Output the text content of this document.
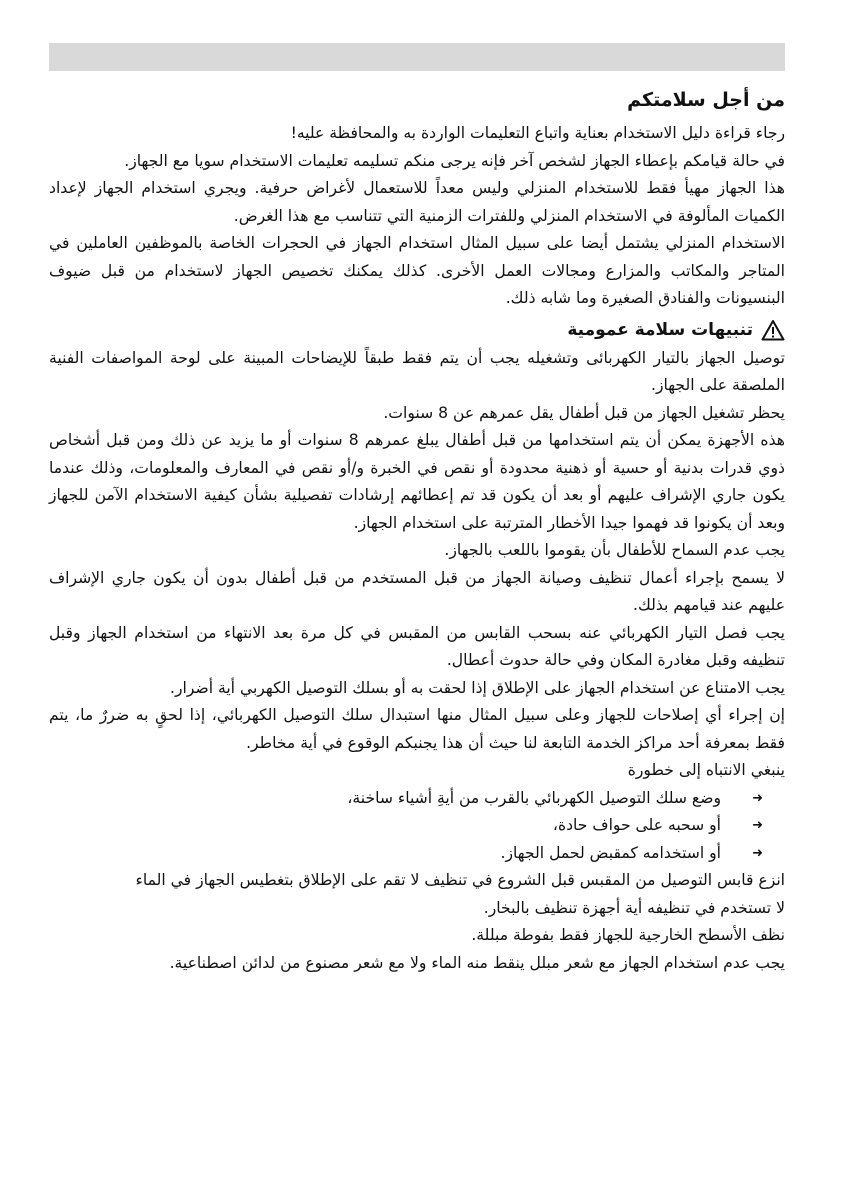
من أجل سلامتكم

رجاء قراءة دليل الاستخدام بعناية واتباع التعليمات الواردة به والمحافظة عليه!

في حالة قيامكم بإعطاء الجهاز لشخص آخر فإنه يرجى منكم تسليمه تعليمات الاستخدام سويا مع الجهاز.

هذا الجهاز مهيأ فقط للاستخدام المنزلي وليس معداً للاستعمال لأغراض حرفية. ويجري استخدام الجهاز لإعداد الكميات المألوفة في الاستخدام المنزلي وللفترات الزمنية التي تتناسب مع هذا الغرض.

الاستخدام المنزلي يشتمل أيضا على سبيل المثال استخدام الجهاز في الحجرات الخاصة بالموظفين العاملين في المتاجر والمكاتب والمزارع ومجالات العمل الأخرى. كذلك يمكنك تخصيص الجهاز لاستخدام من قبل ضيوف البنسيونات والفنادق الصغيرة وما شابه ذلك.

تنبيهات سلامة عمومية

توصيل الجهاز بالتيار الكهربائى وتشغيله يجب أن يتم فقط طبقاً للإيضاحات المبينة على لوحة المواصفات الفنية الملصقة على الجهاز.

يحظر تشغيل الجهاز من قبل أطفال يقل عمرهم عن 8 سنوات.

هذه الأجهزة يمكن أن يتم استخدامها من قبل أطفال يبلغ عمرهم 8 سنوات أو ما يزيد عن ذلك ومن قبل أشخاص ذوي قدرات بدنية أو حسية أو ذهنية محدودة أو نقص في الخبرة و/أو نقص في المعارف والمعلومات، وذلك عندما يكون جاري الإشراف عليهم أو بعد أن يكون قد تم إعطائهم إرشادات تفصيلية بشأن كيفية الاستخدام الآمن للجهاز وبعد أن يكونوا قد فهموا جيدا الأخطار المترتبة على استخدام الجهاز.

يجب عدم السماح للأطفال بأن يقوموا باللعب بالجهاز.

لا يسمح بإجراء أعمال تنظيف وصيانة الجهاز من قبل المستخدم من قبل أطفال بدون أن يكون جاري الإشراف عليهم عند قيامهم بذلك.

يجب فصل التيار الكهربائي عنه بسحب القابس من المقبس في كل مرة بعد الانتهاء من استخدام الجهاز وقبل تنظيفه وقبل مغادرة المكان وفي حالة حدوث أعطال.

يجب الامتناع عن استخدام الجهاز على الإطلاق إذا لحقت به أو بسلك التوصيل الكهربي أية أضرار.

إن إجراء أي إصلاحات للجهاز وعلى سبيل المثال منها استبدال سلك التوصيل الكهربائي، إذا لحقٍ به ضررٌ ما، يتم فقط بمعرفة أحد مراكز الخدمة التابعة لنا حيث أن هذا يجنبكم الوقوع في أية مخاطر.

ينبغي الانتباه إلى خطورة

➜
وضع سلك التوصيل الكهربائي بالقرب من أيةِ أشياء ساخنة،
➜
أو سحبه على حواف حادة،
➜
أو استخدامه كمقبض لحمل الجهاز.

انزع قابس التوصيل من المقبس قبل الشروع في تنظيف لا تقم على الإطلاق بتغطيس الجهاز في الماء

لا تستخدم في تنظيفه أية أجهزة تنظيف بالبخار.

نظف الأسطح الخارجية للجهاز فقط بفوطة مبللة.

يجب عدم استخدام الجهاز مع شعر مبلل ينقط منه الماء ولا مع شعر مصنوع من لدائن اصطناعية.
